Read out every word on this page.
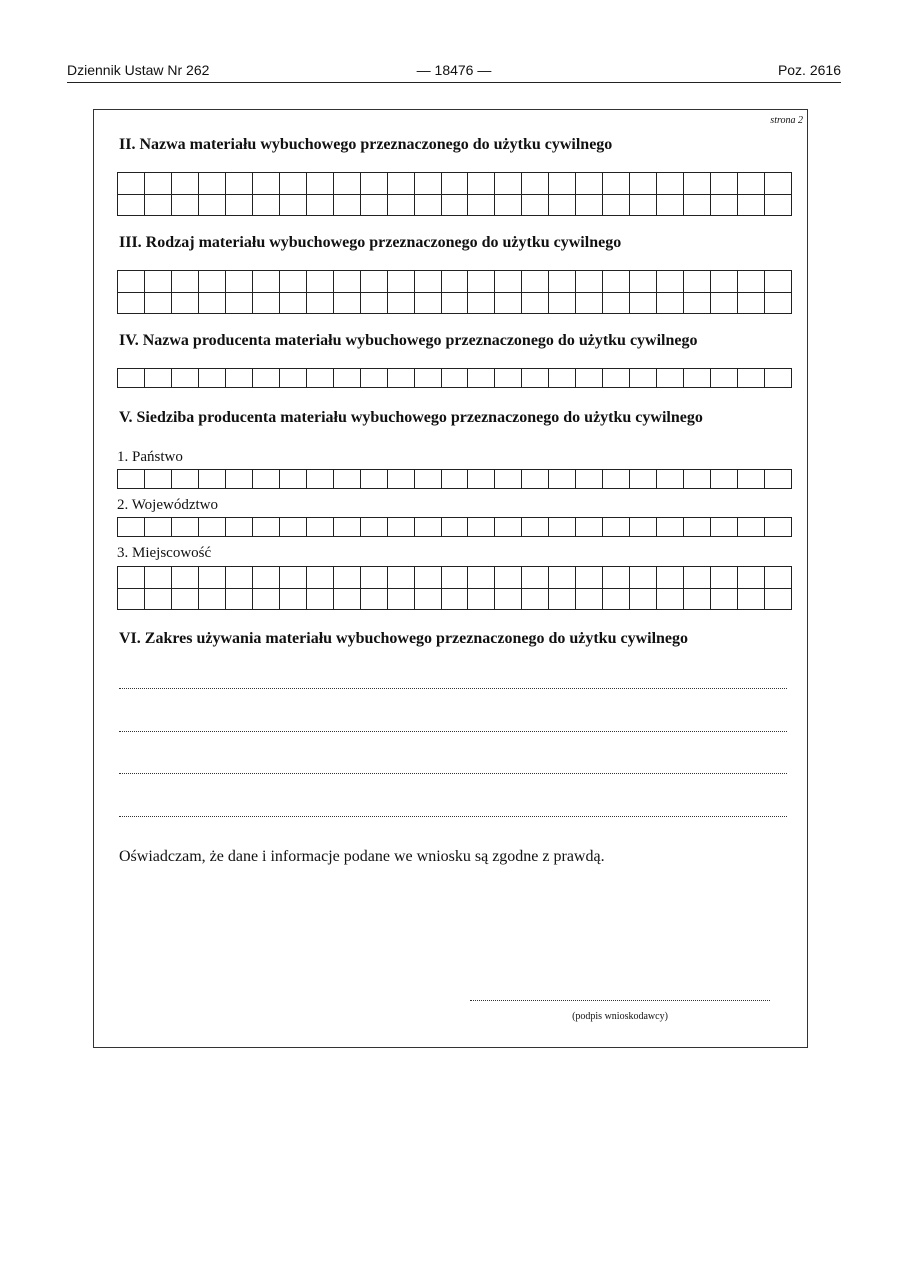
Dziennik Ustaw Nr 262	— 18476 —	Poz. 2616
strona 2
II. Nazwa materiału wybuchowego przeznaczonego do użytku cywilnego
III. Rodzaj materiału wybuchowego przeznaczonego do użytku cywilnego
IV. Nazwa producenta materiału wybuchowego przeznaczonego do użytku cywilnego
V. Siedziba producenta materiału wybuchowego przeznaczonego do użytku cywilnego
1. Państwo
2. Województwo
3. Miejscowość
VI. Zakres używania materiału wybuchowego przeznaczonego do użytku cywilnego
Oświadczam, że dane i informacje podane we wniosku są zgodne z prawdą.
(podpis wnioskodawcy)
